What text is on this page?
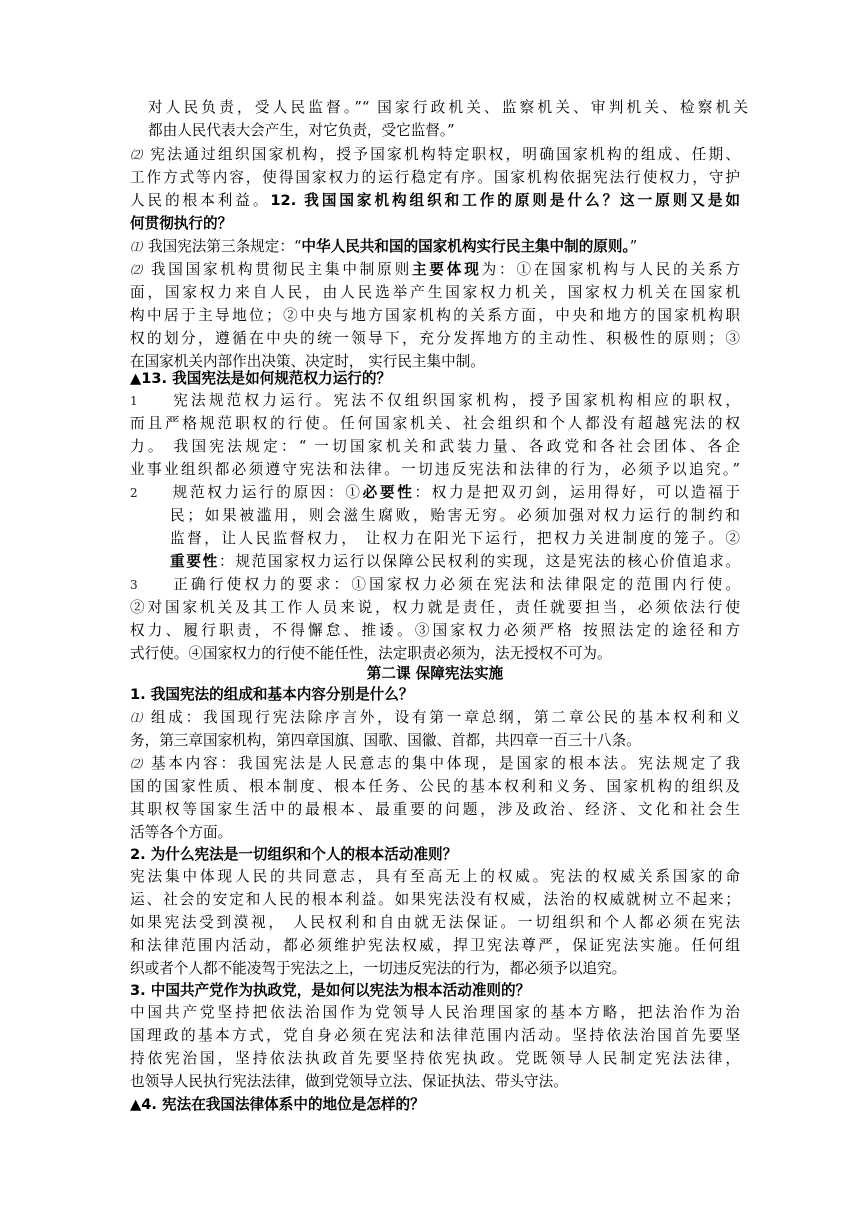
对人民负责，受人民监督。”“ 国家行政机关、监察机关、审判机关、检察机关
都由人民代表大会产生，对它负责，受它监督。”
⑵ 宪法通过组织国家机构，授予国家机构特定职权，明确国家机构的组成、任期、
工作方式等内容，使得国家权力的运行稳定有序。国家机构依据宪法行使权力，守护
人民的根本利益。12. 我国国家机构组织和工作的原则是什么？这一原则又是如
何贯彻执行的？
⑴ 我国宪法第三条规定：“中华人民共和国的国家机构实行民主集中制的原则。”
⑵ 我国国家机构贯彻民主集中制原则主要体现为：①在国家机构与人民的关系方
面，国家权力来自人民，由人民选举产生国家权力机关，国家权力机关在国家机
构中居于主导地位；②中央与地方国家机构的关系方面，中央和地方的国家机构职
权的划分，遵循在中央的统一领导下，充分发挥地方的主动性、积极性的原则；③
在国家机关内部作出决策、决定时， 实行民主集中制。
▲13. 我国宪法是如何规范权力运行的？
1 宪法规范权力运行。宪法不仅组织国家机构，授予国家机构相应的职权，
而且严格规范职权的行使。任何国家机关、社会组织和个人都没有超越宪法的权
力。 我国宪法规定：“ 一切国家机关和武装力量、各政党和各社会团体、各企
业事业组织都必须遵守宪法和法律。一切违反宪法和法律的行为，必须予以追究。”
2 规范权力运行的原因：①必要性：权力是把双刃剑，运用得好，可以造福于
民；如果被滥用，则会滋生腐败，贻害无穷。必须加强对权力运行的制约和
监督，让人民监督权力， 让权力在阳光下运行，把权力关进制度的笼子。②
重要性：规范国家权力运行以保障公民权利的实现，这是宪法的核心价值追求。
3 正确行使权力的要求：①国家权力必须在宪法和法律限定的范围内行使。
②对国家机关及其工作人员来说，权力就是责任，责任就要担当，必须依法行使
权力、履行职责，不得懈怠、推诿。③国家权力必须严格 按照法定的途径和方
式行使。④国家权力的行使不能任性，法定职责必须为，法无授权不可为。
第二课 保障宪法实施
1. 我国宪法的组成和基本内容分别是什么？
⑴ 组成：我国现行宪法除序言外，设有第一章总纲，第二章公民的基本权利和义
务，第三章国家机构，第四章国旗、国歌、国徽、首都，共四章一百三十八条。
⑵ 基本内容：我国宪法是人民意志的集中体现，是国家的根本法。宪法规定了我
国的国家性质、根本制度、根本任务、公民的基本权利和义务、国家机构的组织及
其职权等国家生活中的最根本、最重要的问题，涉及政治、经济、文化和社会生
活等各个方面。
2. 为什么宪法是一切组织和个人的根本活动准则？
宪法集中体现人民的共同意志，具有至高无上的权威。宪法的权威关系国家的命
运、社会的安定和人民的根本利益。如果宪法没有权威，法治的权威就树立不起来；
如果宪法受到漠视， 人民权利和自由就无法保证。一切组织和个人都必须在宪法
和法律范围内活动，都必须维护宪法权威，捍卫宪法尊严，保证宪法实施。任何组
织或者个人都不能凌驾于宪法之上，一切违反宪法的行为，都必须予以追究。
3. 中国共产党作为执政党，是如何以宪法为根本活动准则的？
中国共产党坚持把依法治国作为党领导人民治理国家的基本方略，把法治作为治
国理政的基本方式，党自身必须在宪法和法律范围内活动。坚持依法治国首先要坚
持依宪治国，坚持依法执政首先要坚持依宪执政。党既领导人民制定宪法法律，
也领导人民执行宪法法律，做到党领导立法、保证执法、带头守法。
▲4. 宪法在我国法律体系中的地位是怎样的？
